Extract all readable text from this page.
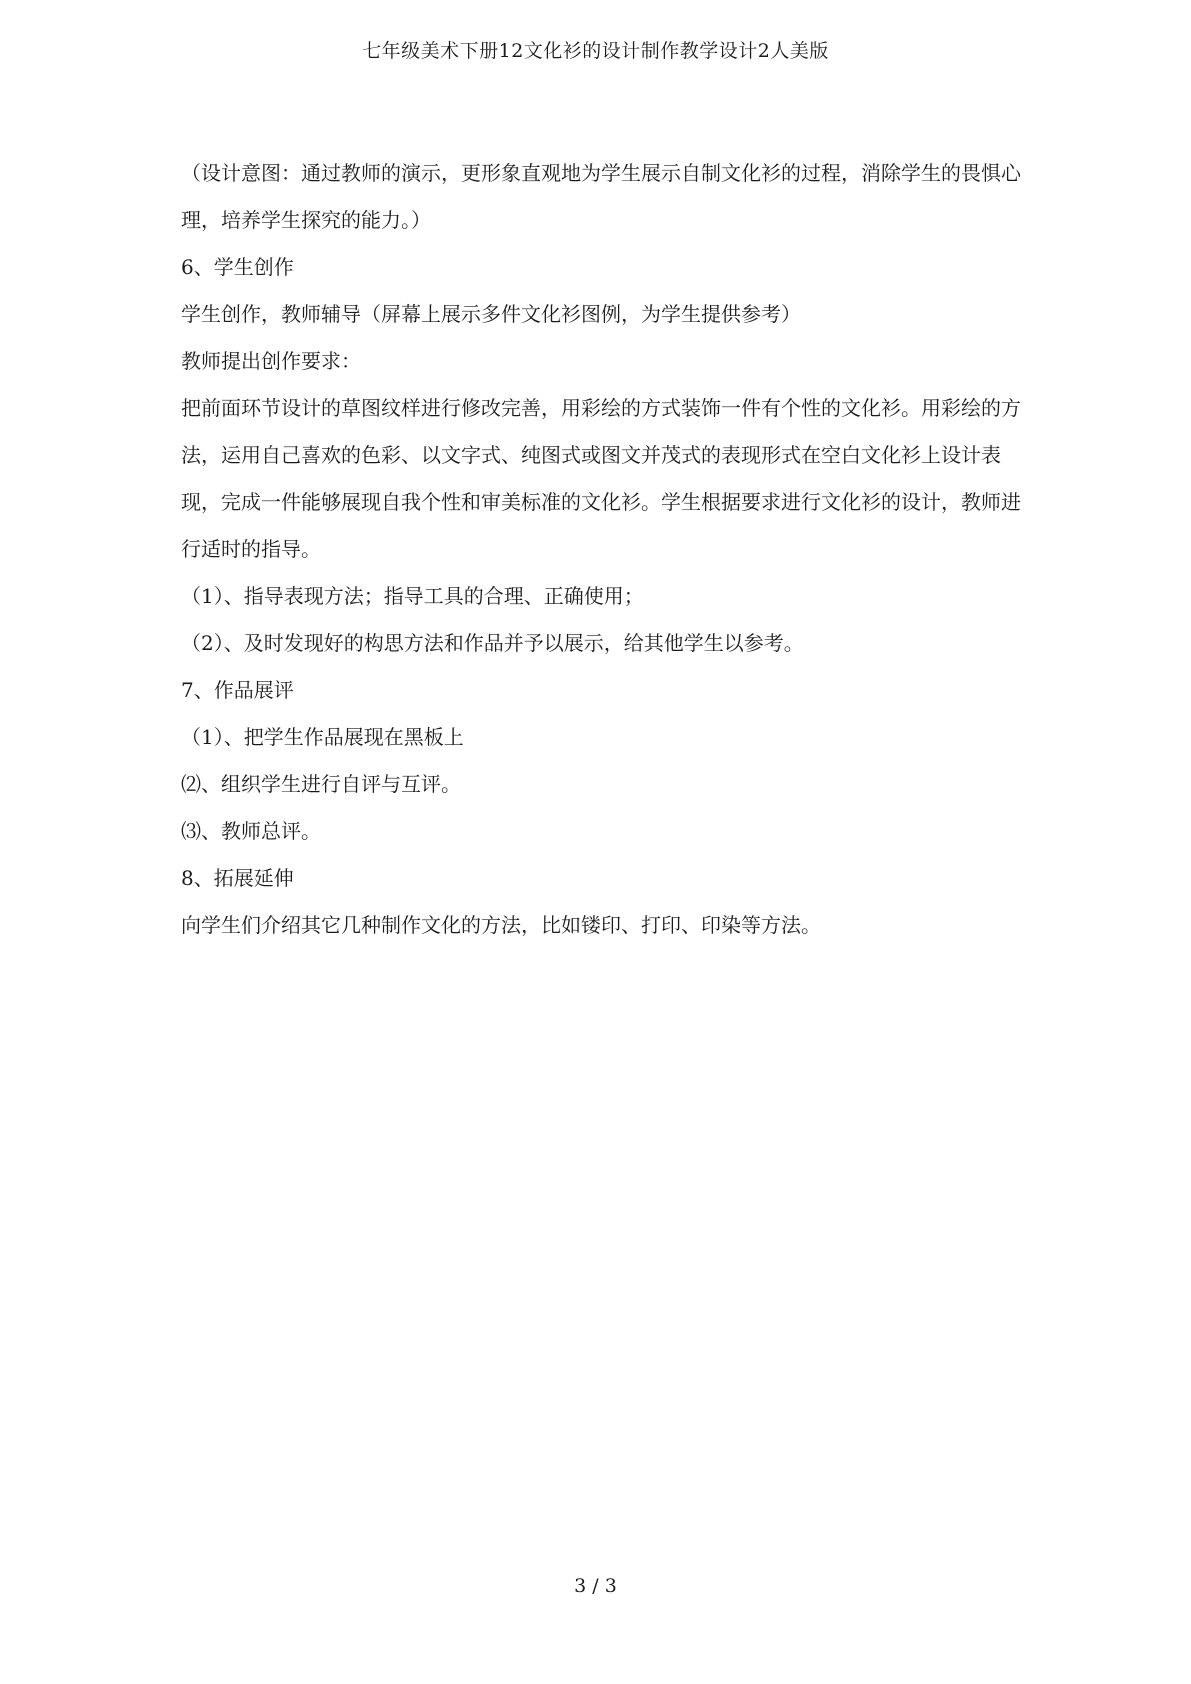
七年级美术下册12文化衫的设计制作教学设计2人美版

（设计意图：通过教师的演示，更形象直观地为学生展示自制文化衫的过程，消除学生的畏惧心理，培养学生探究的能力。）

6、学生创作

学生创作，教师辅导（屏幕上展示多件文化衫图例，为学生提供参考）

教师提出创作要求：

把前面环节设计的草图纹样进行修改完善，用彩绘的方式装饰一件有个性的文化衫。用彩绘的方法，运用自己喜欢的色彩、以文字式、纯图式或图文并茂式的表现形式在空白文化衫上设计表现，完成一件能够展现自我个性和审美标准的文化衫。学生根据要求进行文化衫的设计，教师进行适时的指导。

（1）、指导表现方法；指导工具的合理、正确使用；

（2）、及时发现好的构思方法和作品并予以展示，给其他学生以参考。

7、作品展评

（1）、把学生作品展现在黑板上

⑵、组织学生进行自评与互评。

⑶、教师总评。

8、拓展延伸

向学生们介绍其它几种制作文化的方法，比如镂印、打印、印染等方法。

3 / 3
